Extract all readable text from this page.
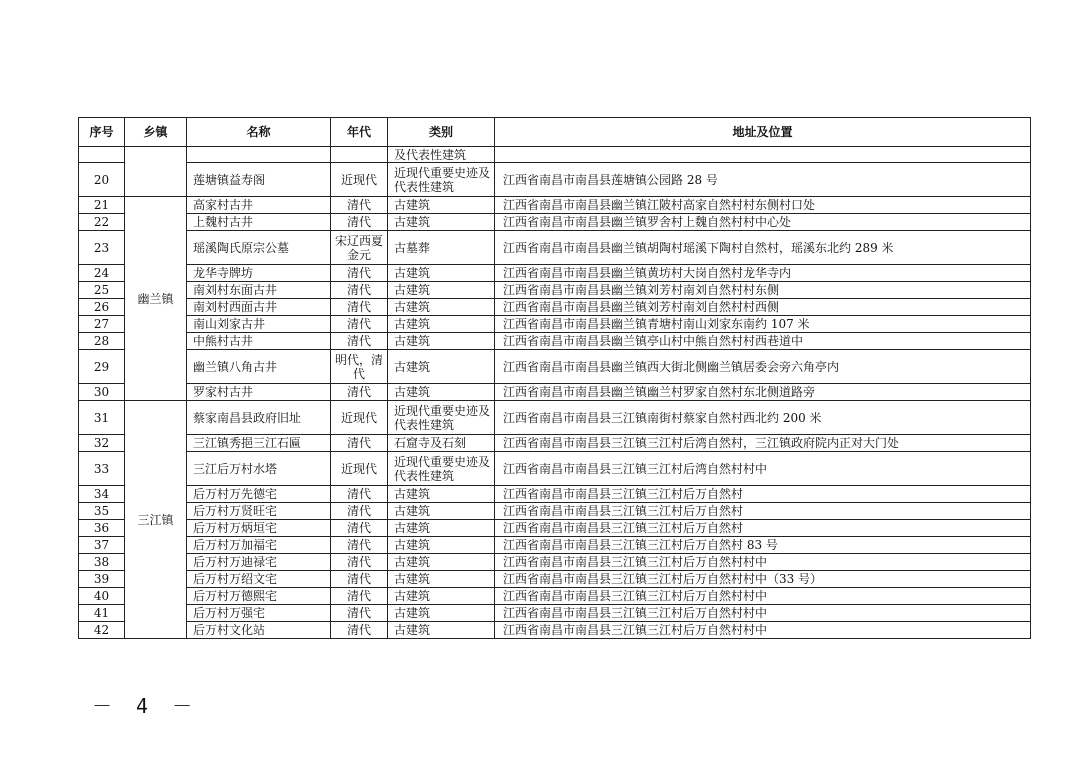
序号	乡镇	名称	年代	类别	地址及位置
				及代表性建筑	
20		莲塘镇益寿阁	近现代	近现代重要史迹及代表性建筑	江西省南昌市南昌县莲塘镇公园路 28 号
21	幽兰镇	高家村古井	清代	古建筑	江西省南昌市南昌县幽兰镇江陂村高家自然村村东侧村口处
22		上魏村古井	清代	古建筑	江西省南昌市南昌县幽兰镇罗舍村上魏自然村村中心处
23		瑶溪陶氏原宗公墓	宋辽西夏金元	古墓葬	江西省南昌市南昌县幽兰镇胡陶村瑶溪下陶村自然村，瑶溪东北约 289 米
24		龙华寺牌坊	清代	古建筑	江西省南昌市南昌县幽兰镇黄坊村大岗自然村龙华寺内
25		南刘村东面古井	清代	古建筑	江西省南昌市南昌县幽兰镇刘芳村南刘自然村村东侧
26		南刘村西面古井	清代	古建筑	江西省南昌市南昌县幽兰镇刘芳村南刘自然村村西侧
27		南山刘家古井	清代	古建筑	江西省南昌市南昌县幽兰镇青塘村南山刘家东南约 107 米
28		中熊村古井	清代	古建筑	江西省南昌市南昌县幽兰镇亭山村中熊自然村村西巷道中
29		幽兰镇八角古井	明代，清代	古建筑	江西省南昌市南昌县幽兰镇西大街北侧幽兰镇居委会旁六角亭内
30		罗家村古井	清代	古建筑	江西省南昌市南昌县幽兰镇幽兰村罗家自然村东北侧道路旁
31	三江镇	蔡家南昌县政府旧址	近现代	近现代重要史迹及代表性建筑	江西省南昌市南昌县三江镇南街村蔡家自然村西北约 200 米
32		三江镇秀挹三江石匾	清代	石窟寺及石刻	江西省南昌市南昌县三江镇三江村后湾自然村，三江镇政府院内正对大门处
33		三江后万村水塔	近现代	近现代重要史迹及代表性建筑	江西省南昌市南昌县三江镇三江村后湾自然村村中
34		后万村万先德宅	清代	古建筑	江西省南昌市南昌县三江镇三江村后万自然村
35		后万村万贤旺宅	清代	古建筑	江西省南昌市南昌县三江镇三江村后万自然村
36		后万村万炳垣宅	清代	古建筑	江西省南昌市南昌县三江镇三江村后万自然村
37		后万村万加福宅	清代	古建筑	江西省南昌市南昌县三江镇三江村后万自然村 83 号
38		后万村万迪禄宅	清代	古建筑	江西省南昌市南昌县三江镇三江村后万自然村村中
39		后万村万绍文宅	清代	古建筑	江西省南昌市南昌县三江镇三江村后万自然村村中（33 号）
40		后万村万德熙宅	清代	古建筑	江西省南昌市南昌县三江镇三江村后万自然村村中
41		后万村万强宅	清代	古建筑	江西省南昌市南昌县三江镇三江村后万自然村村中
42		后万村文化站	清代	古建筑	江西省南昌市南昌县三江镇三江村后万自然村村中
－ 4 －
